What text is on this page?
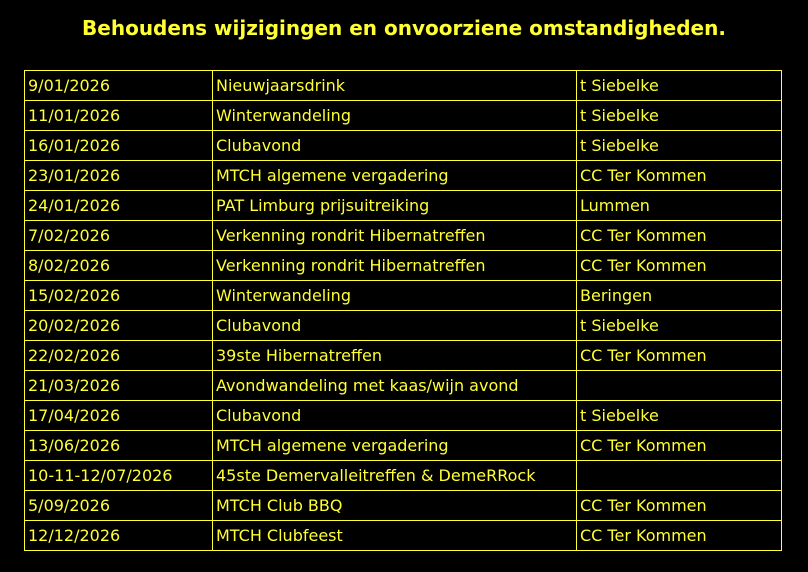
Behoudens wijzigingen en onvoorziene omstandigheden.
9/01/2026	Nieuwjaarsdrink	t Siebelke
11/01/2026	Winterwandeling	t Siebelke
16/01/2026	Clubavond	t Siebelke
23/01/2026	MTCH algemene vergadering	CC Ter Kommen
24/01/2026	PAT Limburg prijsuitreiking	Lummen
7/02/2026	Verkenning rondrit Hibernatreffen	CC Ter Kommen
8/02/2026	Verkenning rondrit Hibernatreffen	CC Ter Kommen
15/02/2026	Winterwandeling	Beringen
20/02/2026	Clubavond	t Siebelke
22/02/2026	39ste Hibernatreffen	CC Ter Kommen
21/03/2026	Avondwandeling met kaas/wijn avond	
17/04/2026	Clubavond	t Siebelke
13/06/2026	MTCH algemene vergadering	CC Ter Kommen
10-11-12/07/2026	45ste Demervalleitreffen & DemeRRock	
5/09/2026	MTCH Club BBQ	CC Ter Kommen
12/12/2026	MTCH Clubfeest	CC Ter Kommen
